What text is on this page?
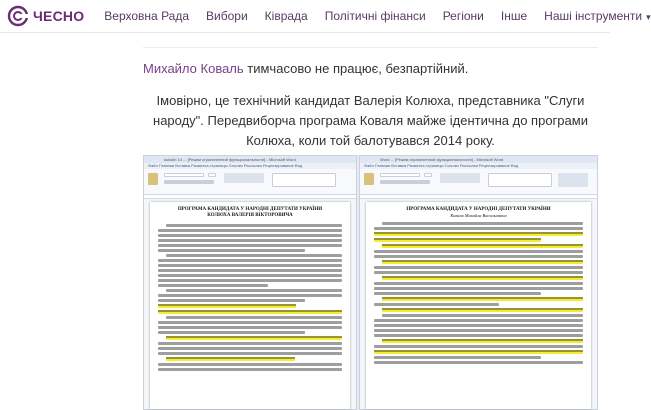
ЧЕСНО Верховна Рада Вибори Ківрада Політичні фінанси Регіони Інше Наші інструменти ▾

Михайло Коваль тимчасово не працює, безпартійний.

Імовірно, це технічний кандидат Валерія Колюха, представника "Слуги народу". Передвиборча програма Коваля майже ідентична до програми Колюха, коли той балотувався 2014 року.

koliukh 14 ... [Режим ограниченной функциональности] - Microsoft Word
Файл Главная Вставка Разметка страницы Ссылки Рассылки Рецензирование Вид
ПРОГРАМА КАНДИДАТА У НАРОДНІ ДЕПУТАТИ УКРАЇНИ
КОЛЮХА ВАЛЕРІЯ ВІКТОРОВИЧА
Word ... [Режим ограниченной функциональности] - Microsoft Word
Файл Главная Вставка Разметка страницы Ссылки Рассылки Рецензирование Вид
ПРОГРАМА КАНДИДАТА У НАРОДНІ ДЕПУТАТИ УКРАЇНИ
Коваля Михайла Васильовича
